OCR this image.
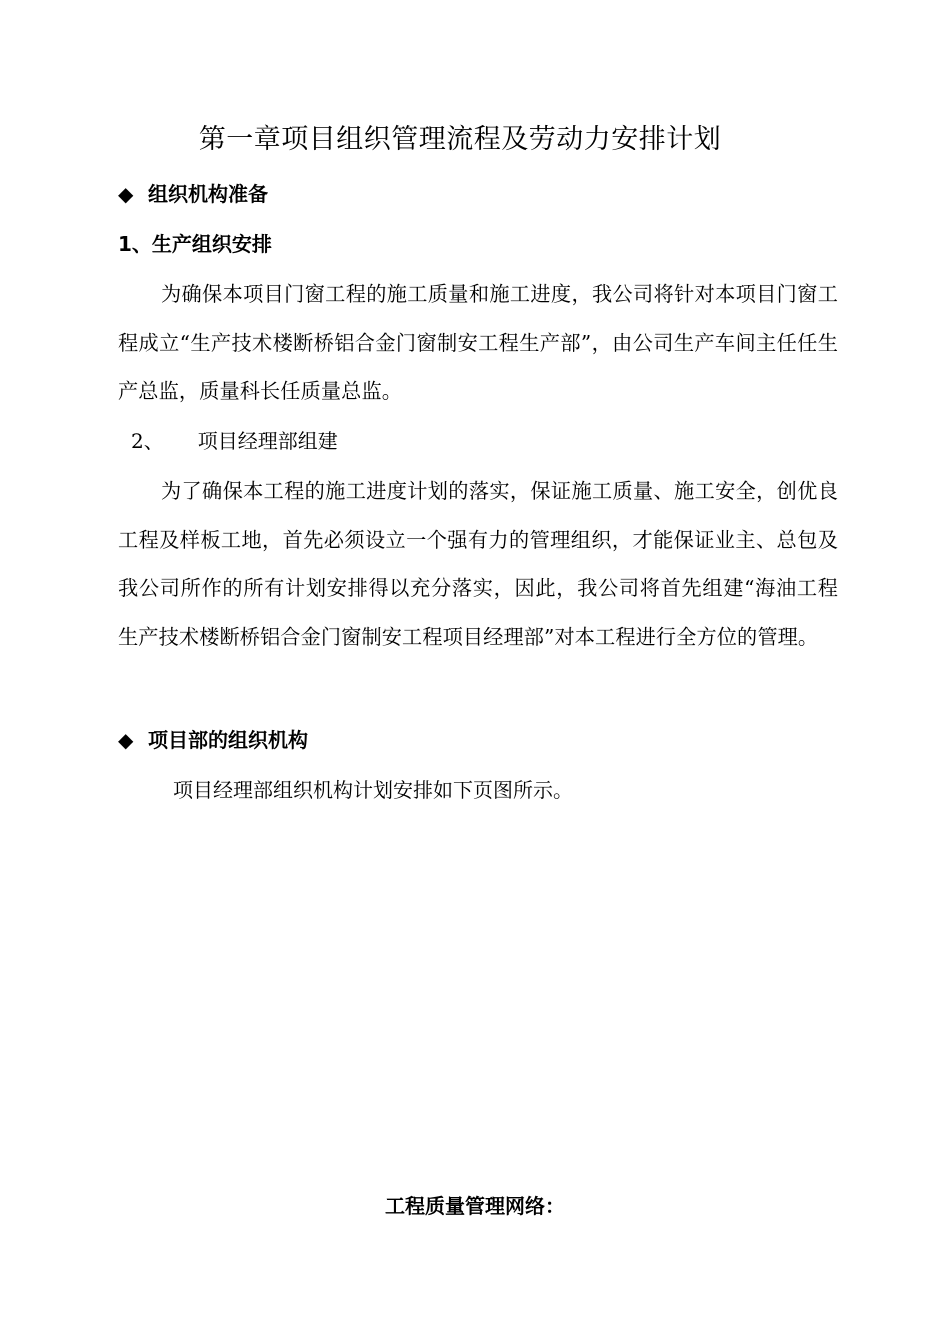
第一章项目组织管理流程及劳动力安排计划
◆ 组织机构准备
1、生产组织安排
为确保本项目门窗工程的施工质量和施工进度，我公司将针对本项目门窗工程成立“生产技术楼断桥铝合金门窗制安工程生产部”，由公司生产车间主任任生产总监，质量科长任质量总监。
2、 项目经理部组建
为了确保本工程的施工进度计划的落实，保证施工质量、施工安全，创优良工程及样板工地，首先必须设立一个强有力的管理组织，才能保证业主、总包及我公司所作的所有计划安排得以充分落实，因此，我公司将首先组建“海油工程生产技术楼断桥铝合金门窗制安工程项目经理部”对本工程进行全方位的管理。
◆ 项目部的组织机构
项目经理部组织机构计划安排如下页图所示。
工程质量管理网络：
